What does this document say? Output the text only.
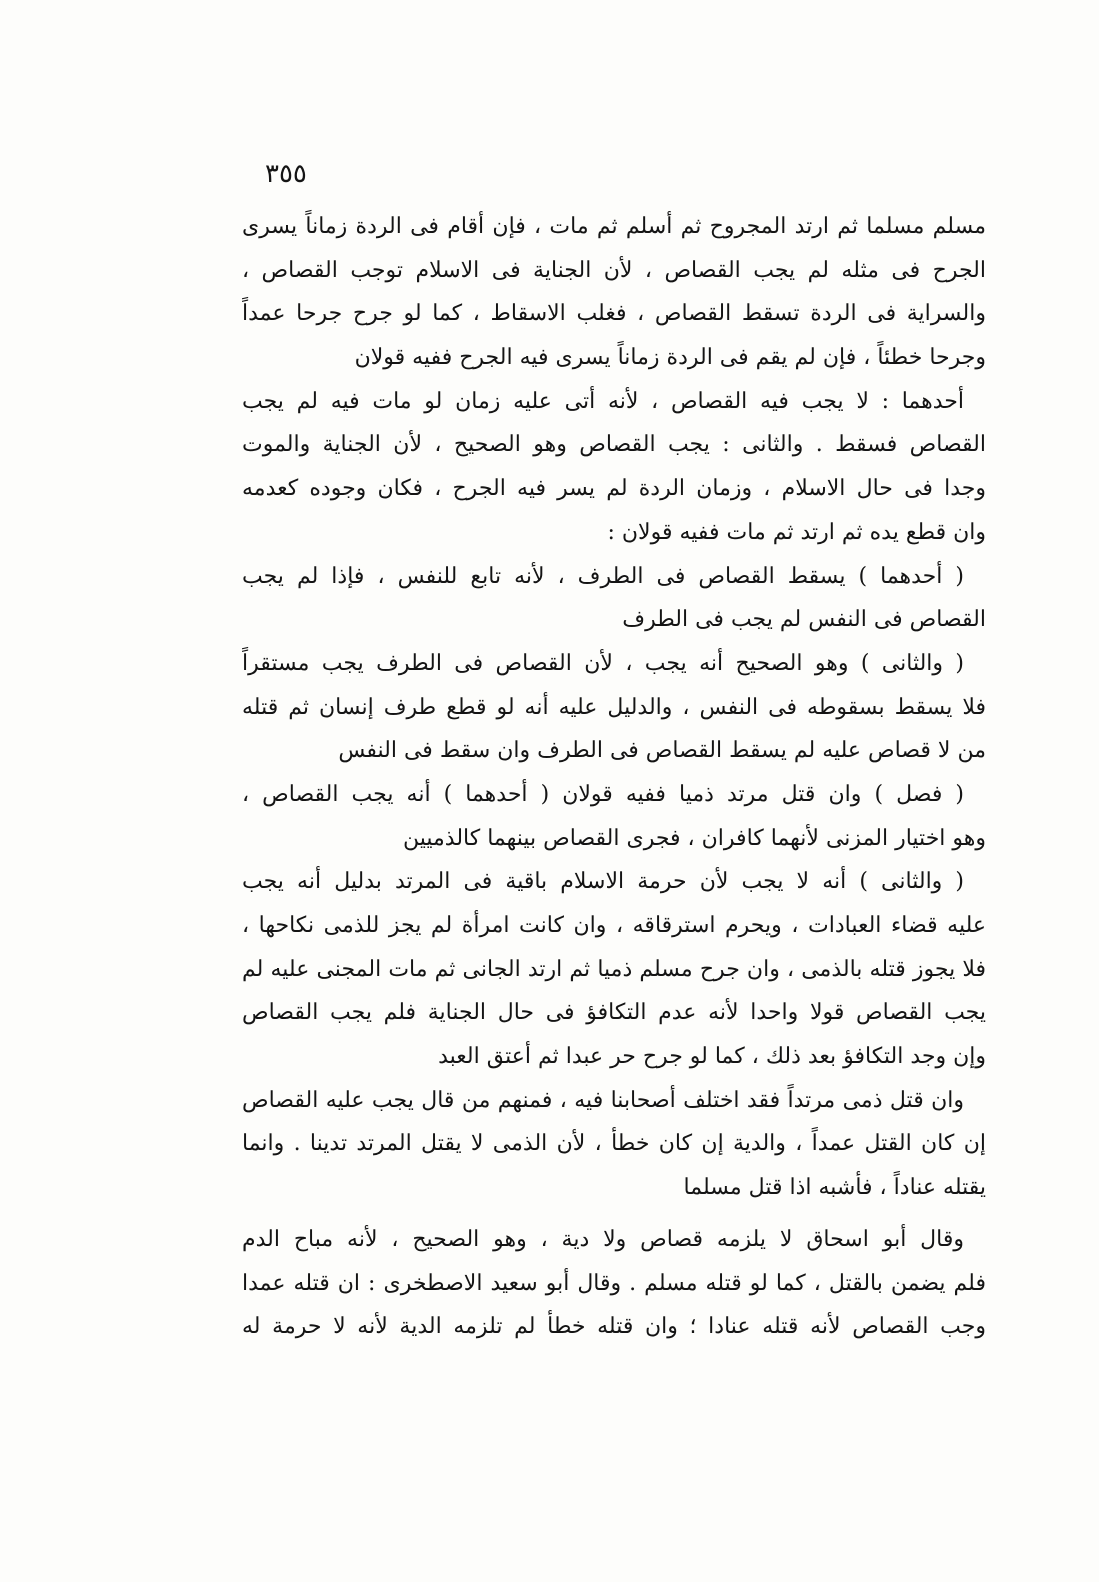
٣٥٥
مسلم مسلما ثم ارتد المجروح ثم أسلم ثم مات ، فإن أقام فى الردة زماناً يسرى
الجرح فى مثله لم يجب القصاص ، لأن الجناية فى الاسلام توجب القصاص ،
والسراية فى الردة تسقط القصاص ، فغلب الاسقاط ، كما لو جرح جرحا عمداً
وجرحا خطئاً ، فإن لم يقم فى الردة زماناً يسرى فيه الجرح ففيه قولان
أحدهما : لا يجب فيه القصاص ، لأنه أتى عليه زمان لو مات فيه لم يجب
القصاص فسقط . والثانى : يجب القصاص وهو الصحيح ، لأن الجناية والموت
وجدا فى حال الاسلام ، وزمان الردة لم يسر فيه الجرح ، فكان وجوده كعدمه
وان قطع يده ثم ارتد ثم مات ففيه قولان :
( أحدهما ) يسقط القصاص فى الطرف ، لأنه تابع للنفس ، فإذا لم يجب
القصاص فى النفس لم يجب فى الطرف
( والثانى ) وهو الصحيح أنه يجب ، لأن القصاص فى الطرف يجب مستقراً
فلا يسقط بسقوطه فى النفس ، والدليل عليه أنه لو قطع طرف إنسان ثم قتله
من لا قصاص عليه لم يسقط القصاص فى الطرف وان سقط فى النفس
( فصل ) وان قتل مرتد ذميا ففيه قولان ( أحدهما ) أنه يجب القصاص ،
وهو اختيار المزنى لأنهما كافران ، فجرى القصاص بينهما كالذميين
( والثانى ) أنه لا يجب لأن حرمة الاسلام باقية فى المرتد بدليل أنه يجب
عليه قضاء العبادات ، ويحرم استرقاقه ، وان كانت امرأة لم يجز للذمى نكاحها ،
فلا يجوز قتله بالذمى ، وان جرح مسلم ذميا ثم ارتد الجانى ثم مات المجنى عليه لم
يجب القصاص قولا واحدا لأنه عدم التكافؤ فى حال الجناية فلم يجب القصاص
وإن وجد التكافؤ بعد ذلك ، كما لو جرح حر عبدا ثم أعتق العبد
وان قتل ذمى مرتداً فقد اختلف أصحابنا فيه ، فمنهم من قال يجب عليه القصاص
إن كان القتل عمداً ، والدية إن كان خطأ ، لأن الذمى لا يقتل المرتد تدينا . وانما
يقتله عناداً ، فأشبه اذا قتل مسلما
وقال أبو اسحاق لا يلزمه قصاص ولا دية ، وهو الصحيح ، لأنه مباح الدم
فلم يضمن بالقتل ، كما لو قتله مسلم . وقال أبو سعيد الاصطخرى : ان قتله عمدا
وجب القصاص لأنه قتله عنادا ؛ وان قتله خطأ لم تلزمه الدية لأنه لا حرمة له
